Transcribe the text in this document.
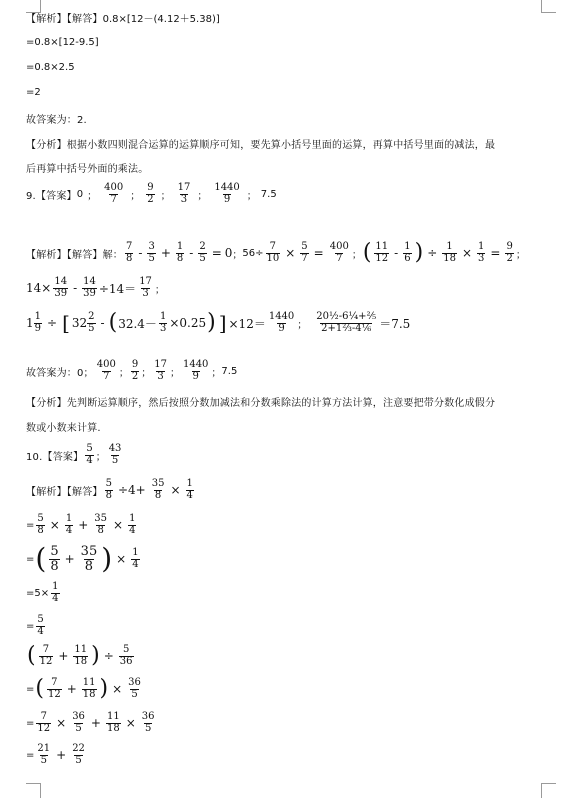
【解析】【解答】 0.8×[12－(4.12＋5.38)]
=0.8×[12-9.5]
=0.8×2.5
=2
故答案为：2.
【分析】根据小数四则混合运算的运算顺序可知，要先算小括号里面的运算，再算中括号里面的减法，最
后再算中括号外面的乘法。
9.【答案】 0 ； $\frac{400}{7}$ ； $\frac{9}{2}$ ； $\frac{17}{3}$ ； $\frac{1440}{9}$ ； 7.5
【解析】【解答】解： $\frac{7}{8} - \frac{3}{5} + \frac{1}{8} - \frac{2}{5} = 0$ ； $56\div \frac{7}{10} \times \frac{5}{7} = \frac{400}{7}$ ； ( $\frac{11}{12} - \frac{1}{6}$ ) ÷ $\frac{1}{18} \times \frac{1}{3} = \frac{9}{2}$ ；
$14\times \frac{14}{39} - \frac{14}{39} \div 14= \frac{17}{3}$ ；
$1 \frac{1}{9}$ ÷ [ $32 \frac{2}{5}$ - ( $32.4- \frac{1}{3} \times 0.25$ ) ] $\times 12= \frac{1440}{9}$ ； $\frac{\text{20½-6¼+⅖}}{\text{2+1⅔-4⅙}} =7.5$
故答案为：0； $\frac{400}{7}$ ； $\frac{9}{2}$ ； $\frac{17}{3}$ ； $\frac{1440}{9}$ ； 7.5
【分析】先判断运算顺序，然后按照分数加减法和分数乘除法的计算方法计算，注意要把带分数化成假分
数或小数来计算.
10.【答案】 $\frac{5}{4}$ ； $\frac{43}{5}$
【解析】【解答】 $\frac{5}{8} \div 4+ \frac{35}{8} \times \frac{1}{4}$
= $\frac{5}{8} \times \frac{1}{4} + \frac{35}{8} \times \frac{1}{4}$
= ( $\frac{5}{8} + \frac{35}{8}$ ) × $\frac{1}{4}$
$=5\times \frac{1}{4}$
= $\frac{5}{4}$
( $\frac{7}{12} + \frac{11}{18}$ ) ÷ $\frac{5}{36}$
= ( $\frac{7}{12} + \frac{11}{18}$ ) × $\frac{36}{5}$
= $\frac{7}{12} \times \frac{36}{5} + \frac{11}{18} \times \frac{36}{5}$
= $\frac{21}{5} + \frac{22}{5}$
